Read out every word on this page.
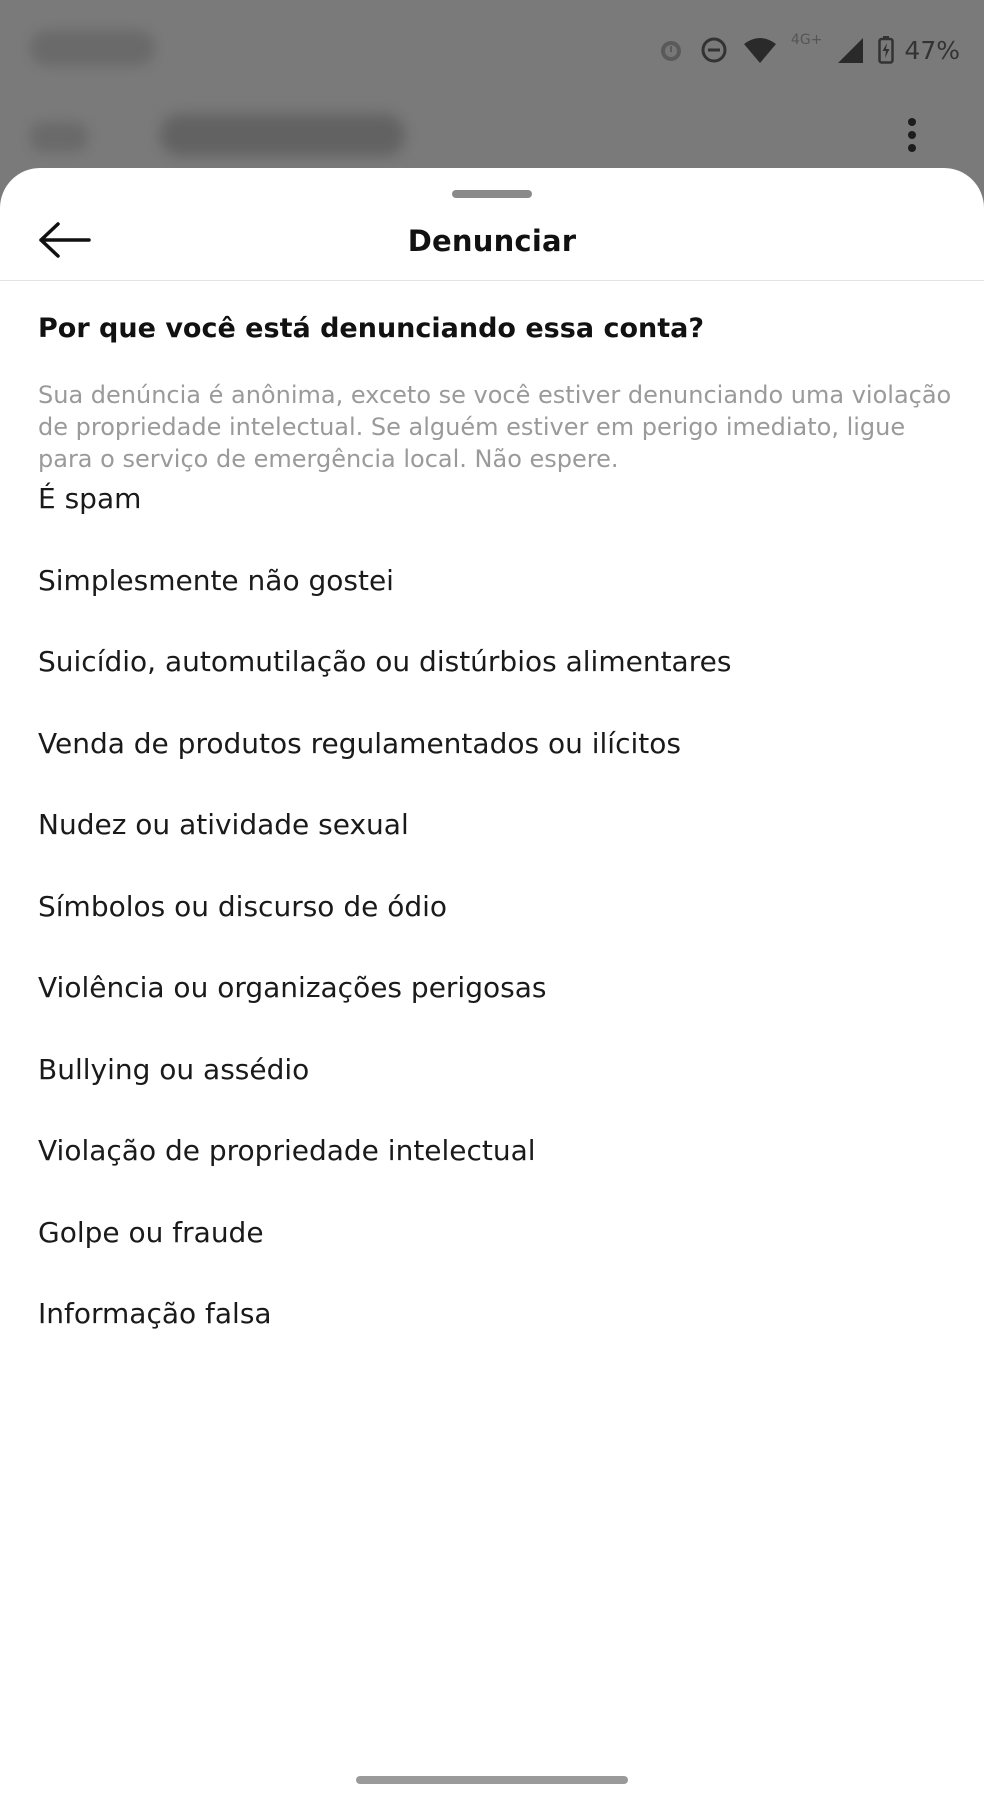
4G+	47%
Denunciar
Por que você está denunciando essa conta?
Sua denúncia é anônima, exceto se você estiver denunciando uma violação de propriedade intelectual. Se alguém estiver em perigo imediato, ligue para o serviço de emergência local. Não espere.
É spam
Simplesmente não gostei
Suicídio, automutilação ou distúrbios alimentares
Venda de produtos regulamentados ou ilícitos
Nudez ou atividade sexual
Símbolos ou discurso de ódio
Violência ou organizações perigosas
Bullying ou assédio
Violação de propriedade intelectual
Golpe ou fraude
Informação falsa
